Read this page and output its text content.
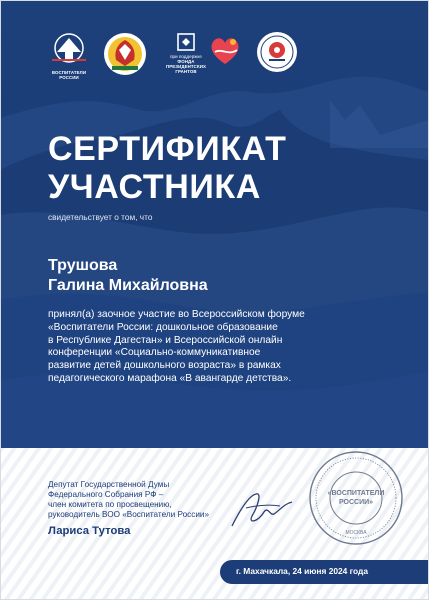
ВОСПИТАТЕЛИ РОССИИ
при поддержке
ФОНДА
ПРЕЗИДЕНТСКИХ
ГРАНТОВ
СЕРТИФИКАТ
УЧАСТНИКА
свидетельствует о том, что
Трушова
Галина Михайловна
принял(а) заочное участие во Всероссийском форуме
«Воспитатели России: дошкольное образование
в Республике Дагестан» и Всероссийской онлайн
конференции «Социально-коммуникативное
развитие детей дошкольного возраста» в рамках
педагогического марафона «В авангарде детства».
Депутат Государственной Думы
Федерального Собрания РФ –
член комитета по просвещению,
руководитель ВОО «Воспитатели России»
Лариса Тутова
«ВОСПИТАТЕЛИ
РОССИИ»
МОСКВА
г. Махачкала, 24 июня 2024 года
